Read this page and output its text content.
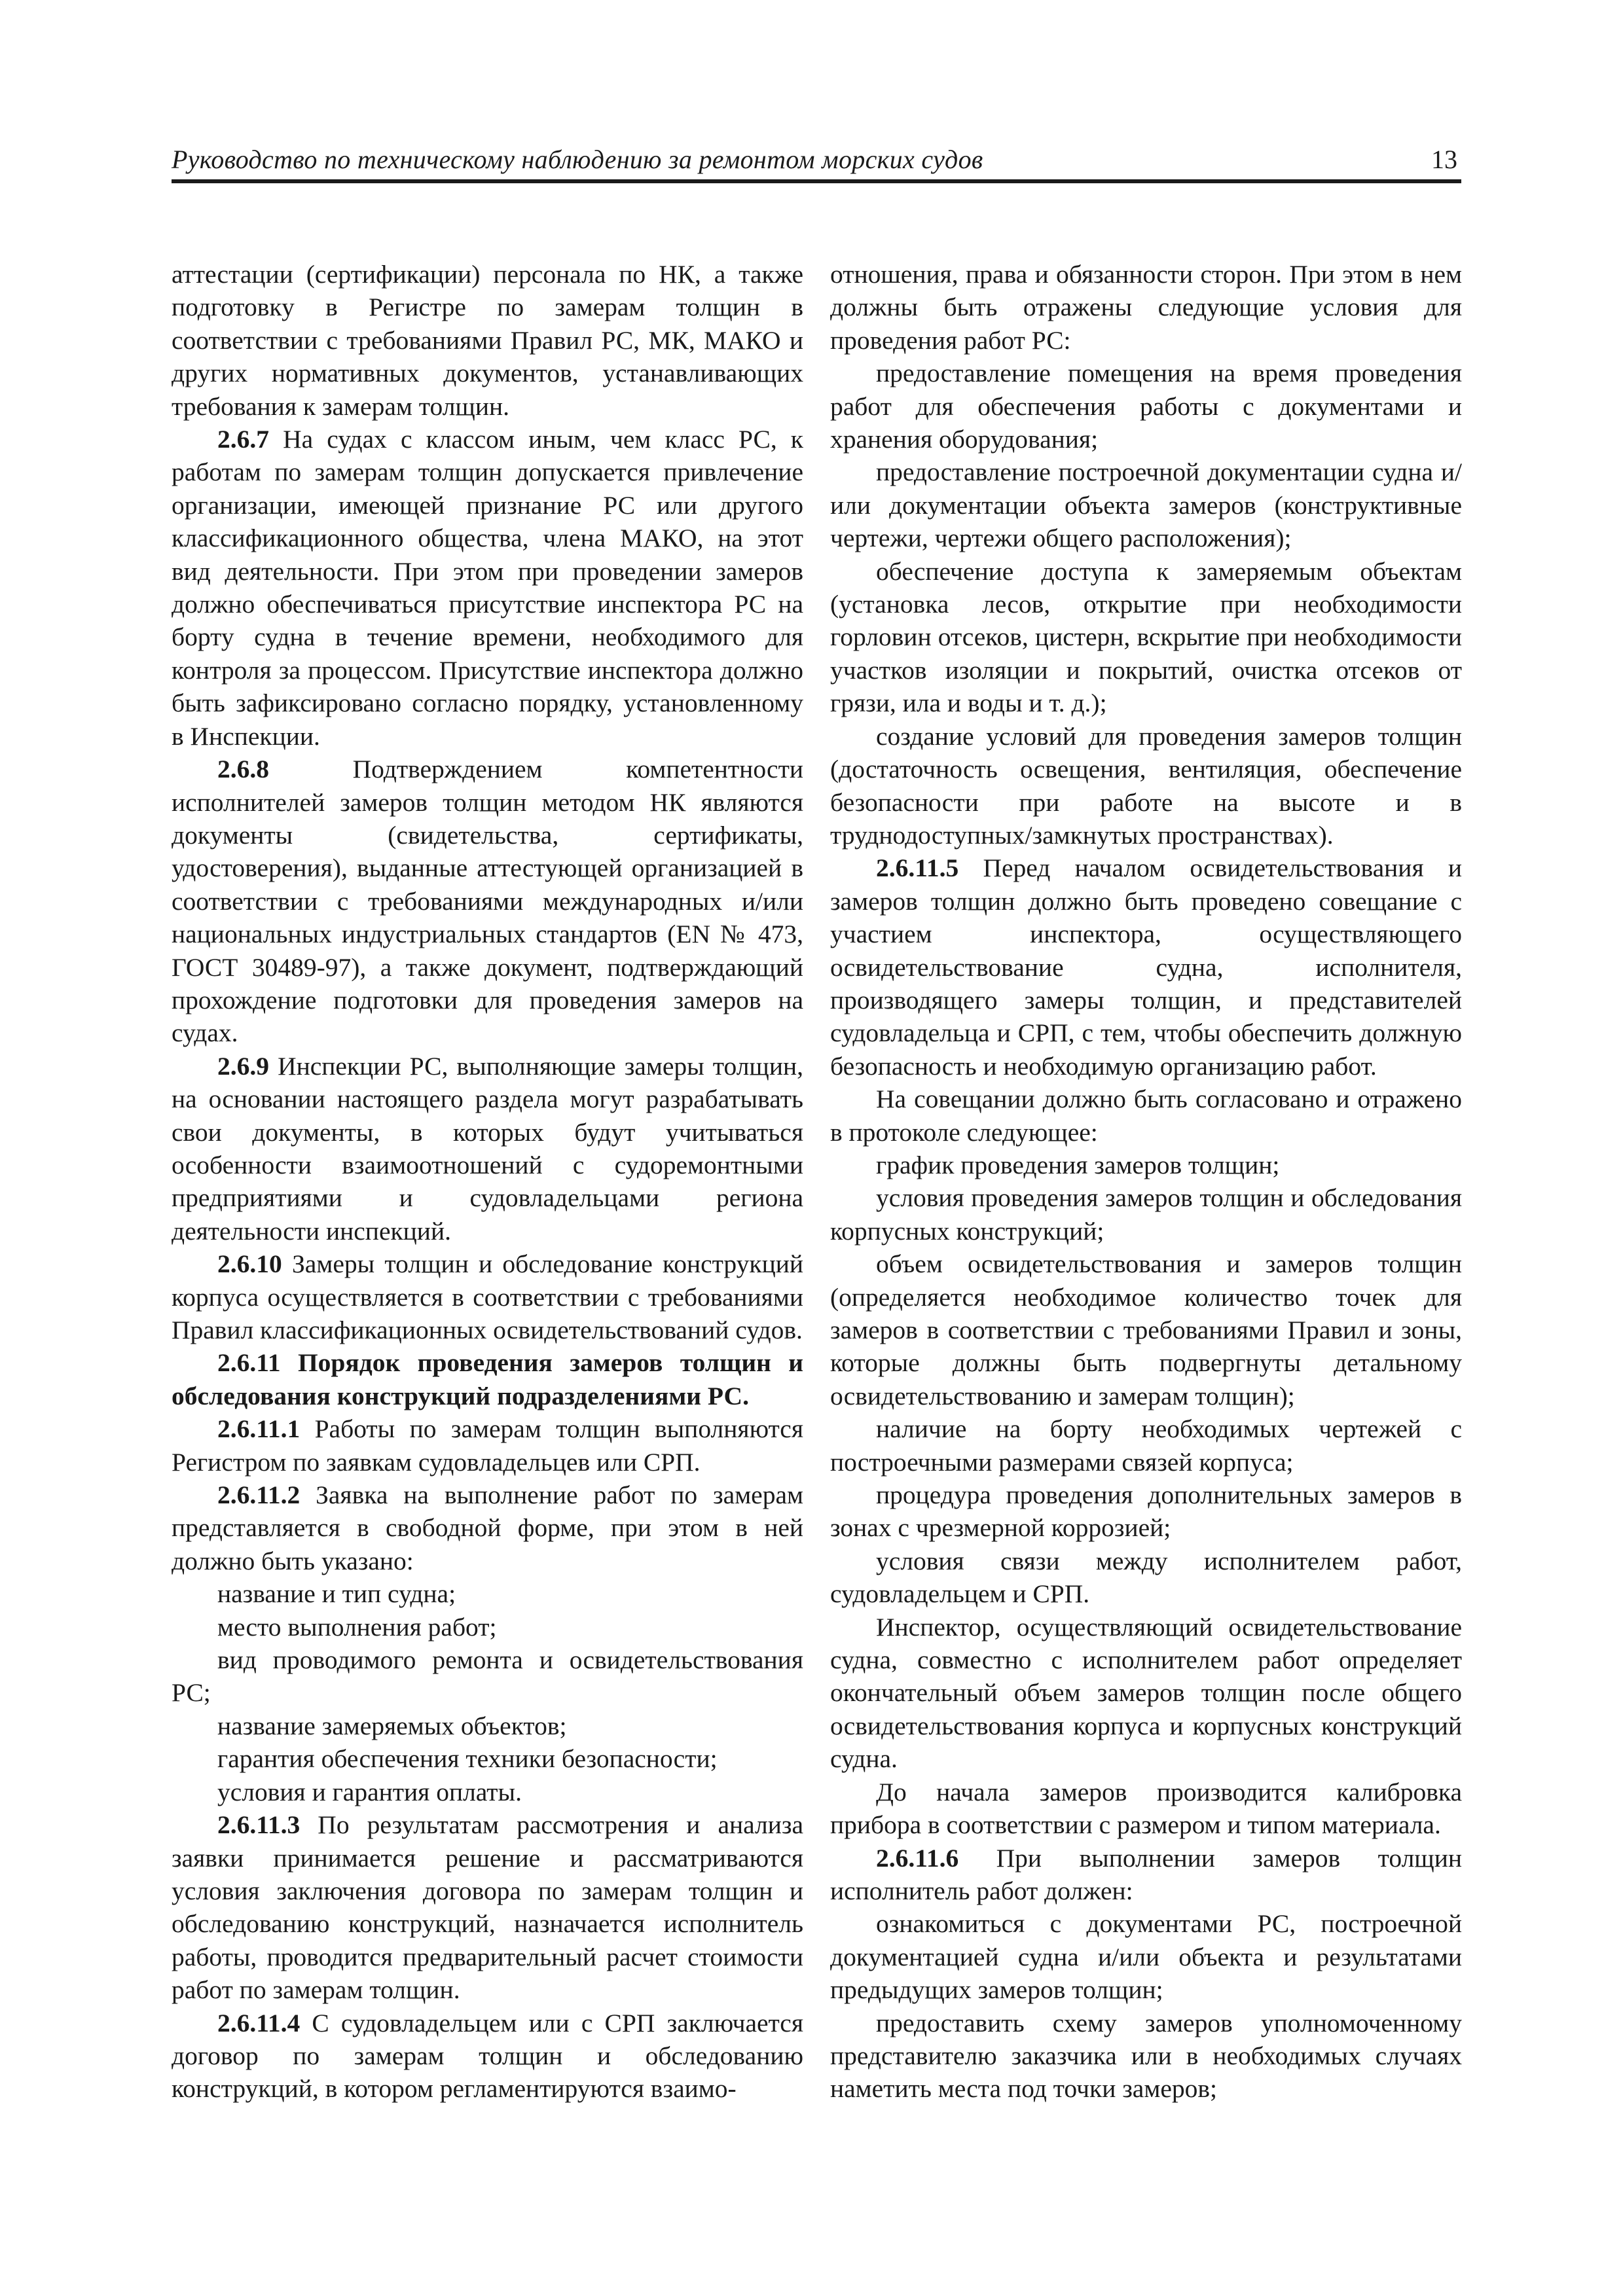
Руководство по техническому наблюдению за ремонтом морских судов	13

аттестации (сертификации) персонала по НК, а также подготовку в Регистре по замерам толщин в соответствии с требованиями Правил РС, МК, МАКО и других нормативных документов, устанавливающих требования к замерам толщин.

2.6.7 На судах с классом иным, чем класс РС, к работам по замерам толщин допускается привлечение организации, имеющей признание РС или другого классификационного общества, члена МАКО, на этот вид деятельности. При этом при проведении замеров должно обеспечиваться присутствие инспектора РС на борту судна в течение времени, необходимого для контроля за процессом. Присутствие инспектора должно быть зафиксировано согласно порядку, установленному в Инспекции.

2.6.8 Подтверждением компетентности исполнителей замеров толщин методом НК являются документы (свидетельства, сертификаты, удостоверения), выданные аттестующей организацией в соответствии с требованиями международных и/или национальных индустриальных стандартов (EN № 473, ГОСТ 30489-97), а также документ, подтверждающий прохождение подготовки для проведения замеров на судах.

2.6.9 Инспекции РС, выполняющие замеры толщин, на основании настоящего раздела могут разрабатывать свои документы, в которых будут учитываться особенности взаимоотношений с судоремонтными предприятиями и судовладельцами региона деятельности инспекций.

2.6.10 Замеры толщин и обследование конструкций корпуса осуществляется в соответствии с требованиями Правил классификационных освидетельствований судов.

2.6.11 Порядок проведения замеров толщин и обследования конструкций подразделениями РС.

2.6.11.1 Работы по замерам толщин выполняются Регистром по заявкам судовладельцев или СРП.

2.6.11.2 Заявка на выполнение работ по замерам представляется в свободной форме, при этом в ней должно быть указано:

название и тип судна;

место выполнения работ;

вид проводимого ремонта и освидетельствования РС;

название замеряемых объектов;

гарантия обеспечения техники безопасности;

условия и гарантия оплаты.

2.6.11.3 По результатам рассмотрения и анализа заявки принимается решение и рассматриваются условия заключения договора по замерам толщин и обследованию конструкций, назначается исполнитель работы, проводится предварительный расчет стоимости работ по замерам толщин.

2.6.11.4 С судовладельцем или с СРП заключается договор по замерам толщин и обследованию конструкций, в котором регламентируются взаимо-

отношения, права и обязанности сторон. При этом в нем должны быть отражены следующие условия для проведения работ РС:

предоставление помещения на время проведения работ для обеспечения работы с документами и хранения оборудования;

предоставление построечной документации судна и/или документации объекта замеров (конструктивные чертежи, чертежи общего расположения);

обеспечение доступа к замеряемым объектам (установка лесов, открытие при необходимости горловин отсеков, цистерн, вскрытие при необходимости участков изоляции и покрытий, очистка отсеков от грязи, ила и воды и т. д.);

создание условий для проведения замеров толщин (достаточность освещения, вентиляция, обеспечение безопасности при работе на высоте и в труднодоступных/замкнутых пространствах).

2.6.11.5 Перед началом освидетельствования и замеров толщин должно быть проведено совещание с участием инспектора, осуществляющего освидетельствование судна, исполнителя, производящего замеры толщин, и представителей судовладельца и СРП, с тем, чтобы обеспечить должную безопасность и необходимую организацию работ.

На совещании должно быть согласовано и отражено в протоколе следующее:

график проведения замеров толщин;

условия проведения замеров толщин и обследования корпусных конструкций;

объем освидетельствования и замеров толщин (определяется необходимое количество точек для замеров в соответствии с требованиями Правил и зоны, которые должны быть подвергнуты детальному освидетельствованию и замерам толщин);

наличие на борту необходимых чертежей с построечными размерами связей корпуса;

процедура проведения дополнительных замеров в зонах с чрезмерной коррозией;

условия связи между исполнителем работ, судовладельцем и СРП.

Инспектор, осуществляющий освидетельствование судна, совместно с исполнителем работ определяет окончательный объем замеров толщин после общего освидетельствования корпуса и корпусных конструкций судна.

До начала замеров производится калибровка прибора в соответствии с размером и типом материала.

2.6.11.6 При выполнении замеров толщин исполнитель работ должен:

ознакомиться с документами РС, построечной документацией судна и/или объекта и результатами предыдущих замеров толщин;

предоставить схему замеров уполномоченному представителю заказчика или в необходимых случаях наметить места под точки замеров;
